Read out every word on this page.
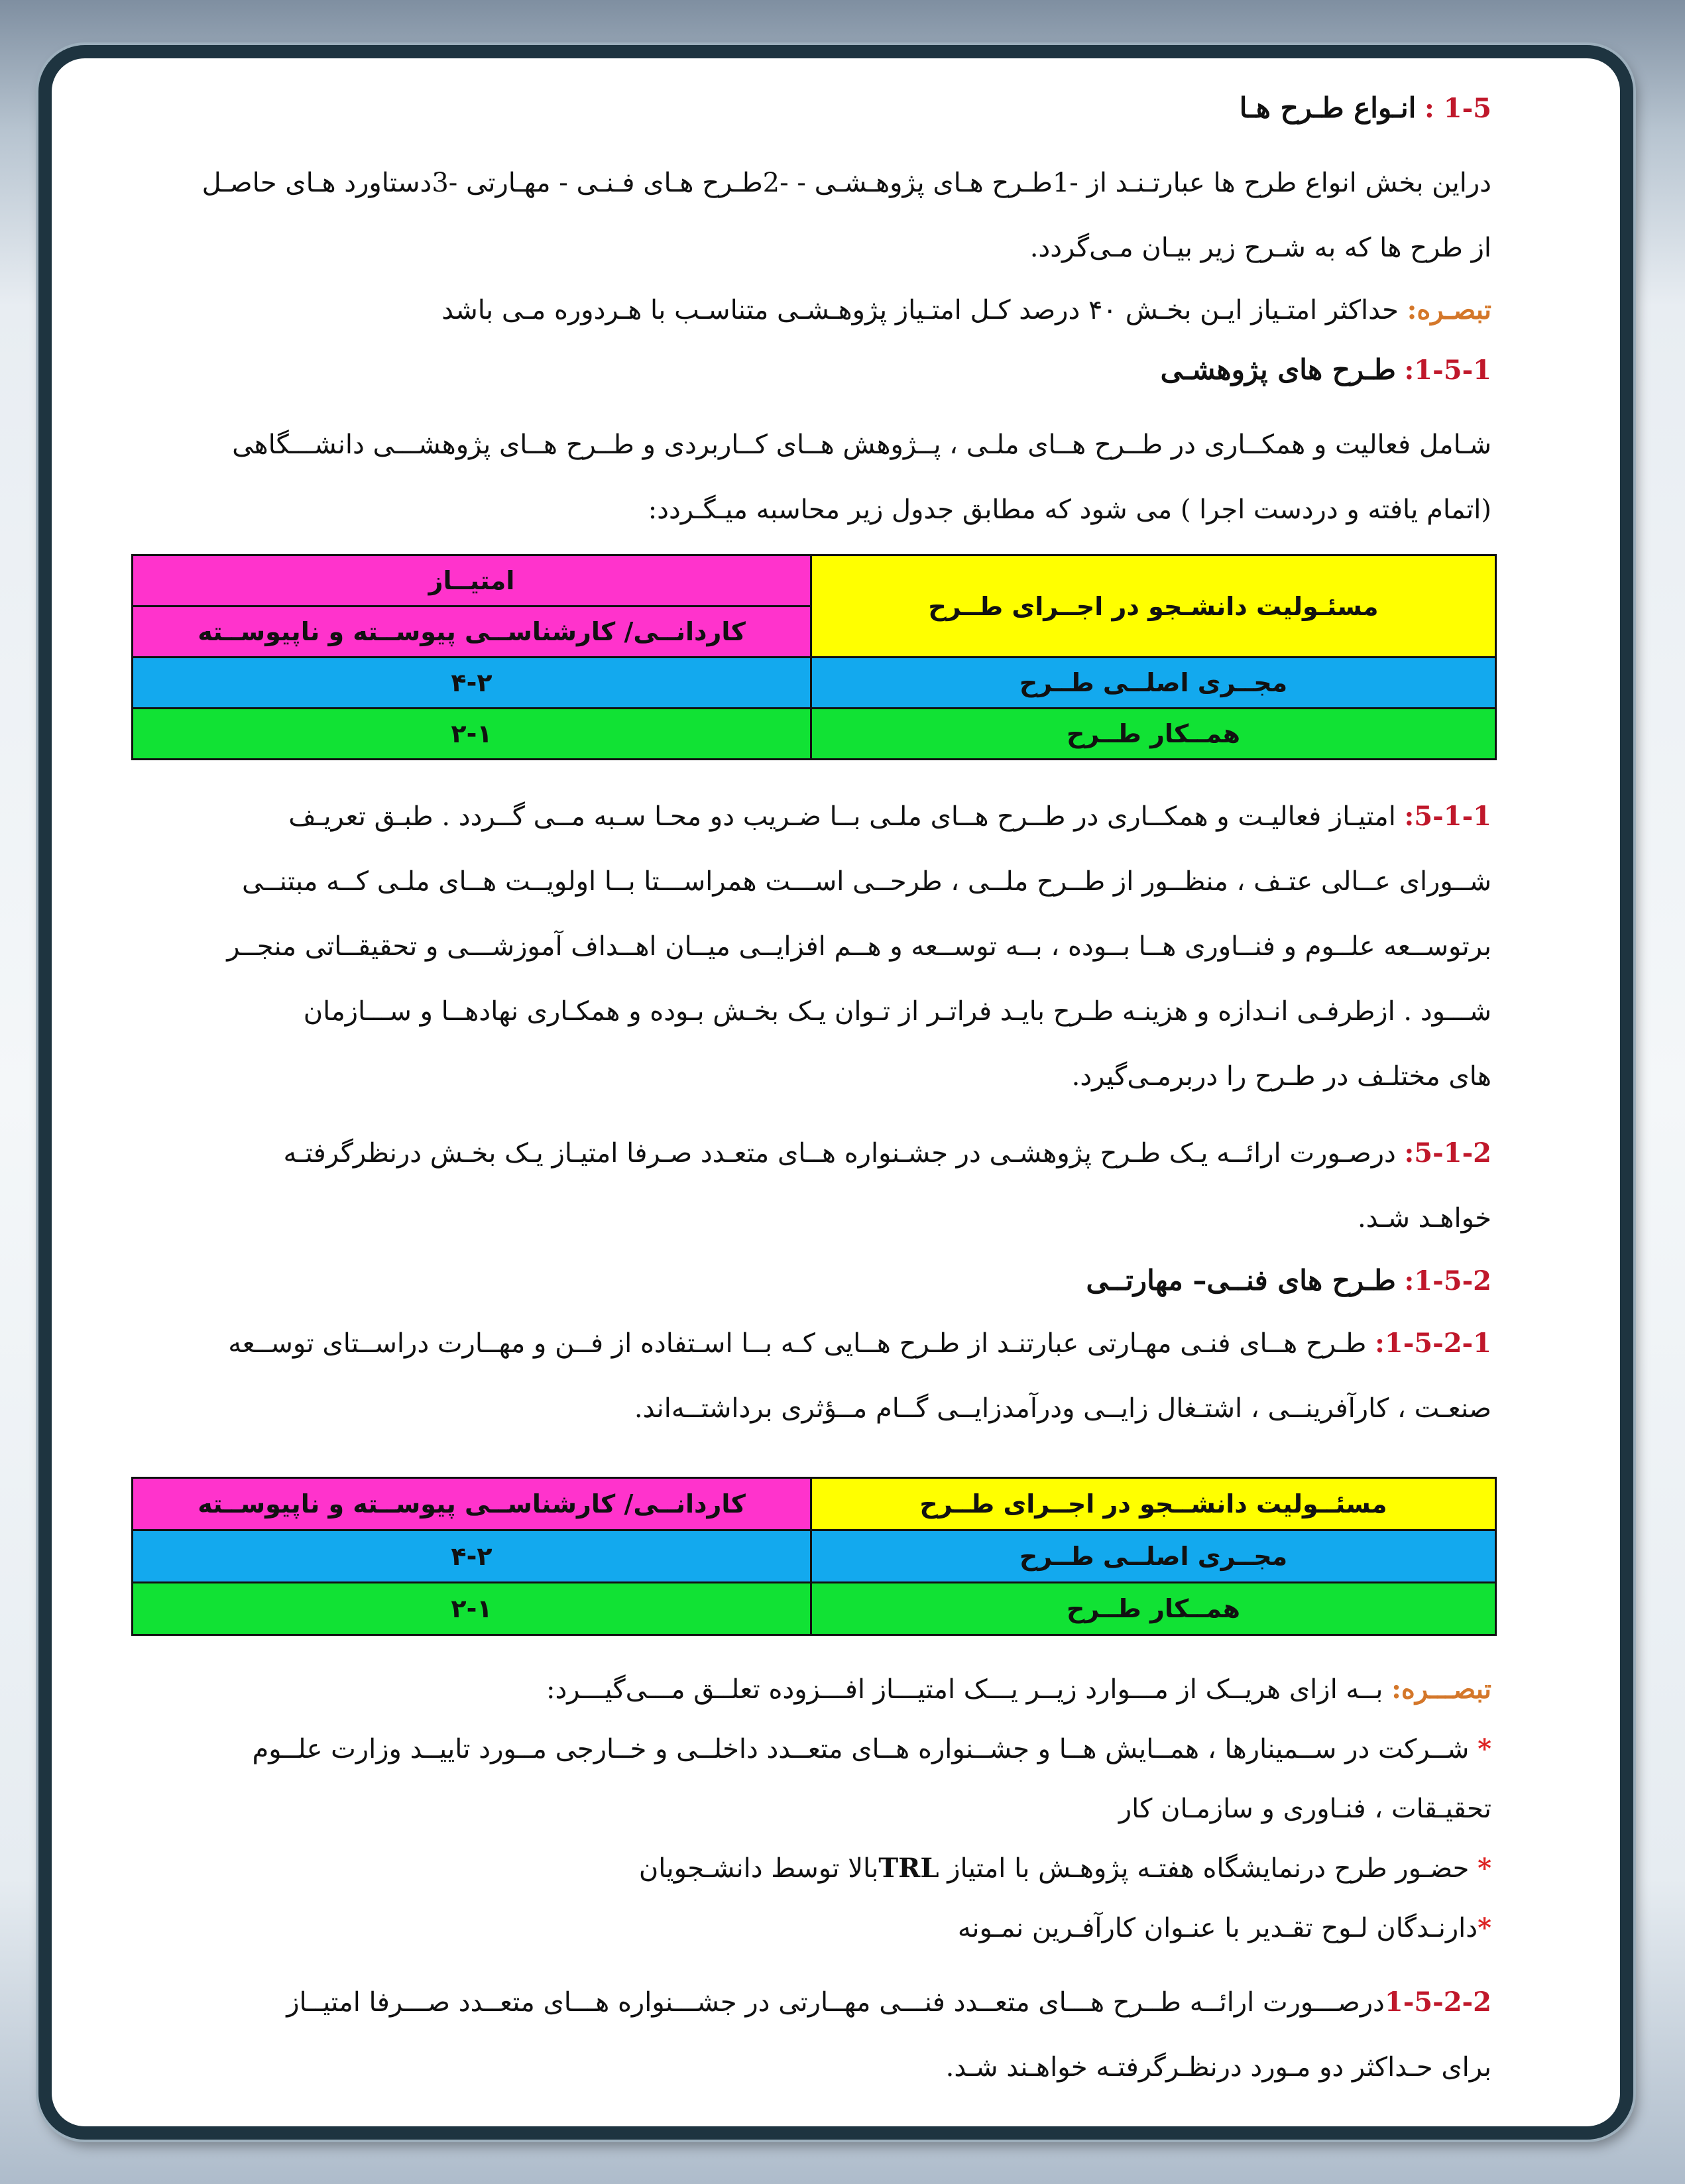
1-5 : انـواع طـرح هـا

دراین بخش انواع طرح ها عبارتـنـد از -1طـرح هـای پژوهـشـی - -2طـرح هـای فـنـی - مهـارتی -3دستاورد هـای حاصـل
از طرح ها که به شـرح زیر بیـان مـی‌گردد.

تبصـره: حداکثر امتـیاز ایـن بخـش ۴۰ درصد کـل امتـیاز پژوهـشـی متناسـب با هـردوره مـی باشد

1-5-1: طـرح های پژوهشـی

شـامل فعالیت و همکــاری در طــرح هــای ملـی ، پــژوهش هــای کــاربردی و طــرح هــای پژوهشـــی دانشـــگاهی
(اتمام یافته و دردست اجرا ) می شود که مطابق جدول زیر محاسبه میـگـردد:

مسئـولیت دانشـجو در اجــرای طــرح	امتیــاز
	کاردانــی/ کارشناســی پیوســته و ناپیوســته
مجــری اصلــی طــرح	۴-۲
همــکار طــرح	۲-۱

5-1-1: امتیـاز فعالیـت و همکــاری در طــرح هــای ملـی بــا ضـریب دو محـا سـبه مــی گــردد . طبـق تعریـف
شــورای عــالی عتـف ، منظــور از طــرح ملــی ، طرحــی اســـت همراســـتا بــا اولویــت هــای ملـی کــه مبتنــی
برتوســعه علــوم و فنــاوری هــا بــوده ، بــه توســعه و هــم افزایــی میــان اهــداف آموزشـــی و تحقیقــاتی منجــر
شـــود . ازطرفـی انـدازه و هزینـه طـرح بایـد فراتـر از تـوان یـک بخـش بـوده و همکـاری نهادهــا و ســـازمان
های مختلـف در طـرح را دربرمـی‌گیرد.

5-1-2: درصـورت ارائــه یـک طـرح پژوهشـی در جشـنواره هــای متعـدد صـرفا امتیـاز یـک بخـش درنظرگرفتـه
خواهـد شـد.

1-5-2: طـرح های فنــی– مهارتــی

1-5-2-1: طـرح هــای فنـی مهـارتی عبارتنـد از طـرح هــایی کـه بــا اسـتفاده از فــن و مهــارت دراســتای توســعه
صنعـت ، کارآفرینــی ، اشتـغال زایــی ودرآمدزایــی گــام مــؤثری برداشتــه‌اند.

مسئــولیت دانشــجو در اجــرای طــرح	کاردانــی/ کارشناســی پیوســته و ناپیوســته
مجــری اصلــی طــرح	۴-۲
همــکار طــرح	۲-۱

تبصـــره: بــه ازای هریــک از مـــوارد زیــر یـــک امتیـــاز افـــزوده تعلــق مـــی‌گیـــرد:

* شــرکت در ســمینارها ، همــایش هــا و جشــنواره هــای متعــدد داخلــی و خــارجی مــورد تاییــد وزارت علــوم
تحقیـقات ، فنـاوری و سازمـان کار

* حضـور طرح درنمایشگاه هفتـه پژوهـش با امتیاز TRLبالا توسط دانشـجویان

*دارنـدگان لـوح تقـدیر با عنـوان کارآفـرین نمـونه

1-5-2-2درصـــورت ارائــه طــرح هـــای متعــدد فنـــی مهــارتی در جشـــنواره هـــای متعــدد صـــرفا امتیــاز
برای حـداکثر دو مـورد درنظـرگرفتـه خواهـند شـد.
